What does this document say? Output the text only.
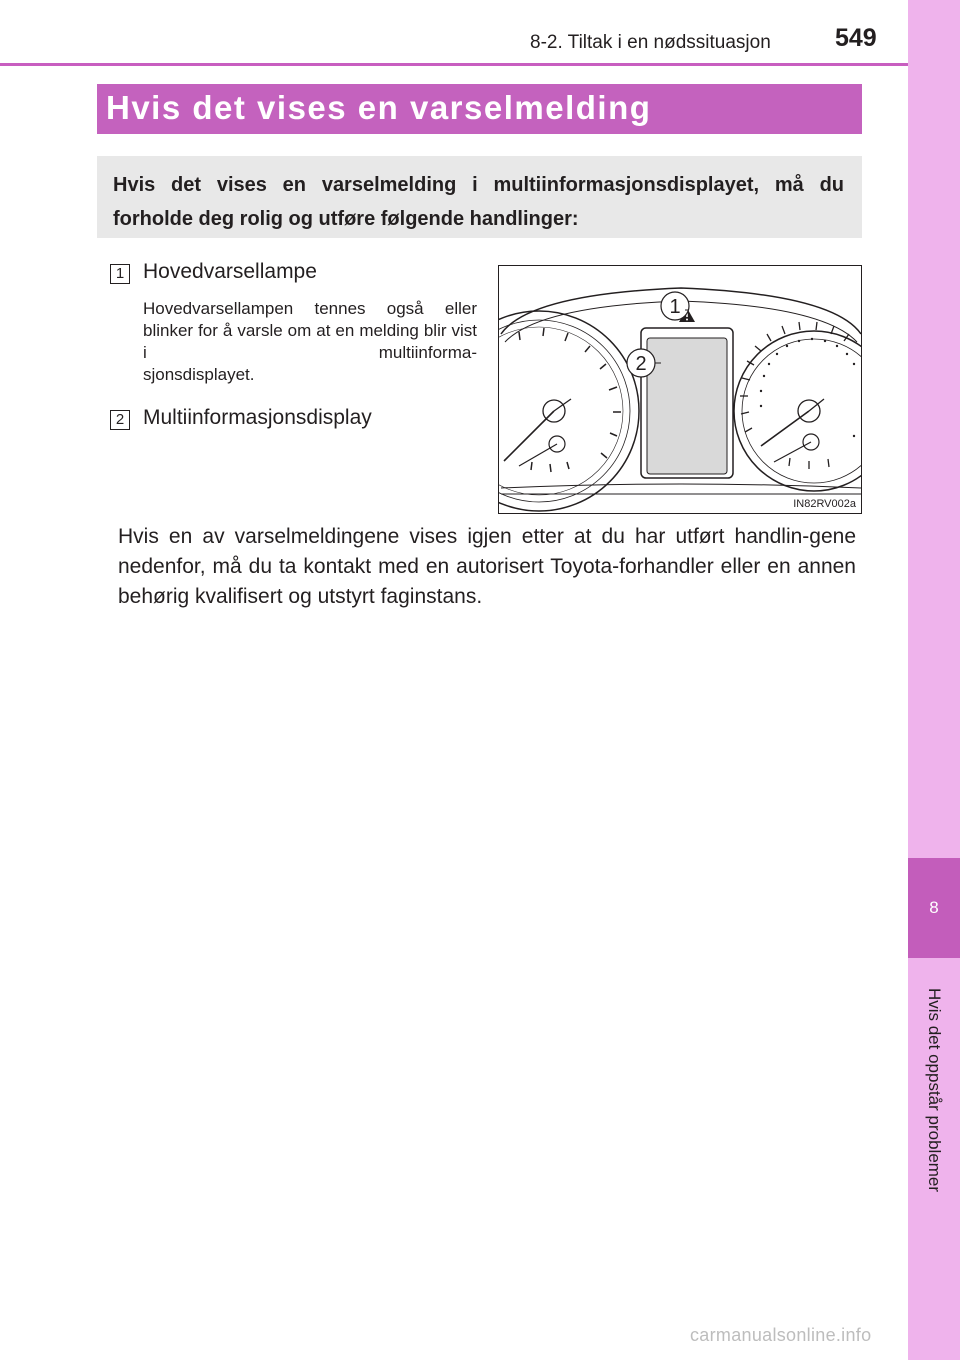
8-2. Tiltak i en nødssituasjon	549
8
Hvis det oppstår problemer
Hvis det vises en varselmelding
Hvis det vises en varselmelding i multiinformasjonsdisplayet, må du forholde deg rolig og utføre følgende handlinger:
1 Hovedvarsellampe
Hovedvarsellampen tennes også eller blinker for å varsle om at en melding blir vist i multiinforma-
sjonsdisplayet.
2 Multiinformasjonsdisplay
1
2
IN82RV002a
Hvis en av varselmeldingene vises igjen etter at du har utført handlin-gene nedenfor, må du ta kontakt med en autorisert Toyota-forhandler eller en annen behørig kvalifisert og utstyrt faginstans.
carmanualsonline.info
